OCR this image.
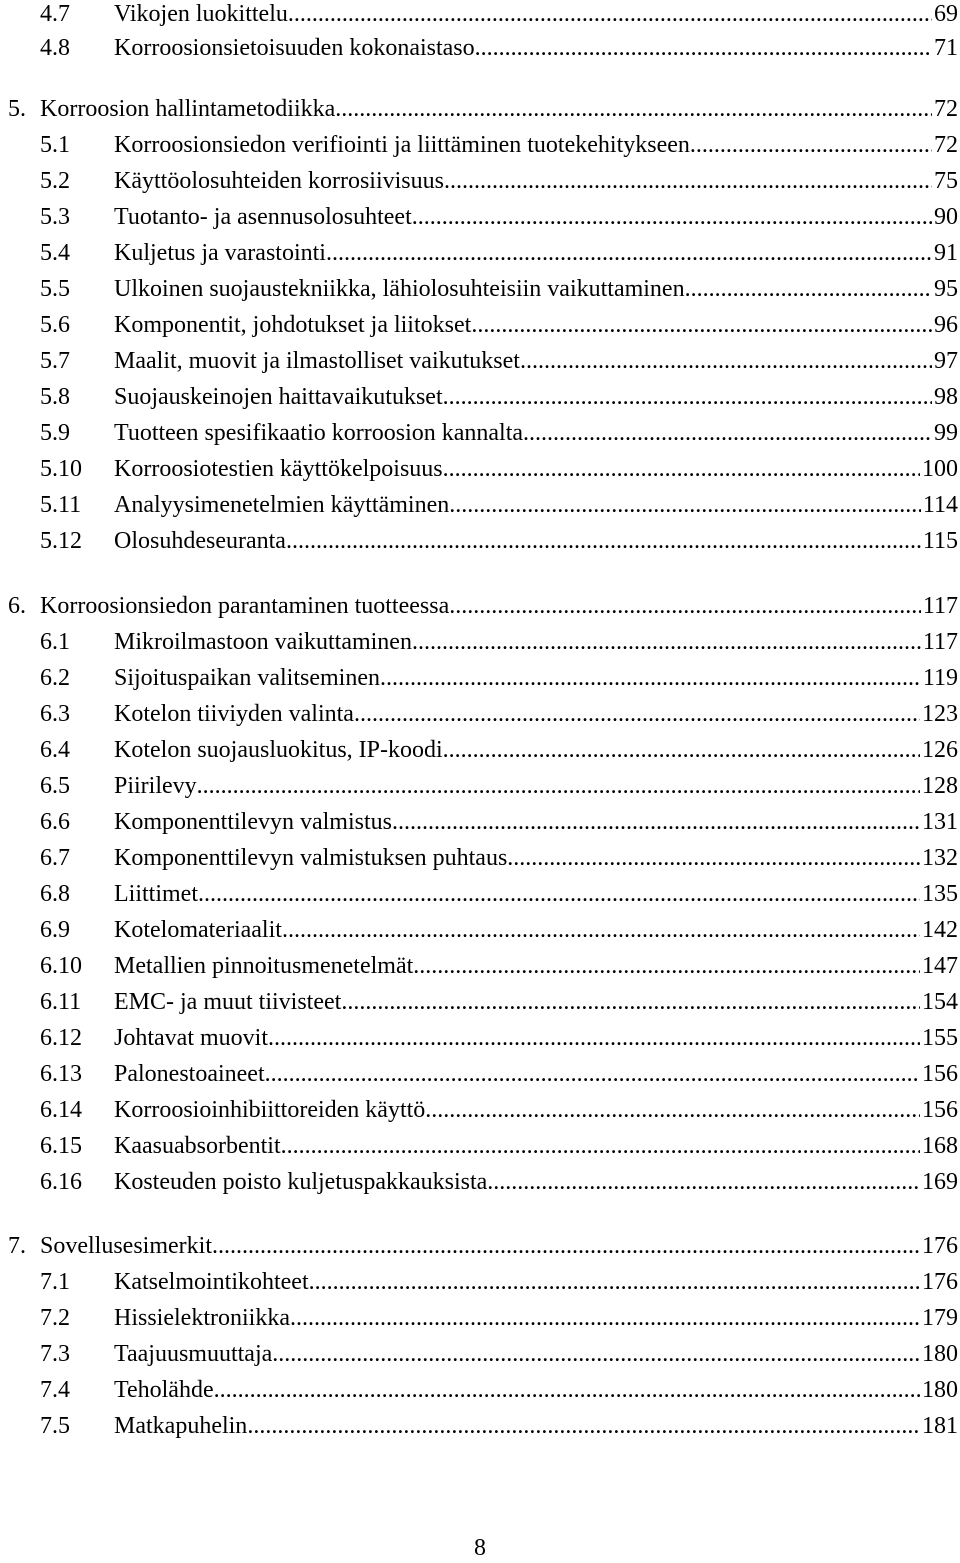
4.7 Vikojen luokittelu .....	69
4.8 Korroosionsietoisuuden kokonaistaso .....	71
5. Korroosion hallintametodiikka .....	72
5.1 Korroosionsiedon verifiointi ja liittäminen tuotekehitykseen .....	72
5.2 Käyttöolosuhteiden korrosiivisuus .....	75
5.3 Tuotanto- ja asennusolosuhteet .....	90
5.4 Kuljetus ja varastointi .....	91
5.5 Ulkoinen suojaustekniikka, lähiolosuhteisiin vaikuttaminen .....	95
5.6 Komponentit, johdotukset ja liitokset .....	96
5.7 Maalit, muovit ja ilmastolliset vaikutukset .....	97
5.8 Suojauskeinojen haittavaikutukset .....	98
5.9 Tuotteen spesifikaatio korroosion kannalta .....	99
5.10 Korroosiotestien käyttökelpoisuus .....	100
5.11 Analyysimenetelmien käyttäminen .....	114
5.12 Olosuhdeseuranta .....	115
6. Korroosionsiedon parantaminen tuotteessa .....	117
6.1 Mikroilmastoon vaikuttaminen .....	117
6.2 Sijoituspaikan valitseminen .....	119
6.3 Kotelon tiiviyden valinta .....	123
6.4 Kotelon suojausluokitus, IP-koodi .....	126
6.5 Piirilevy .....	128
6.6 Komponenttilevyn valmistus .....	131
6.7 Komponenttilevyn valmistuksen puhtaus .....	132
6.8 Liittimet .....	135
6.9 Kotelomateriaalit .....	142
6.10 Metallien pinnoitusmenetelmät .....	147
6.11 EMC- ja muut tiivisteet .....	154
6.12 Johtavat muovit .....	155
6.13 Palonestoaineet .....	156
6.14 Korroosioinhibiittoreiden käyttö .....	156
6.15 Kaasuabsorbentit .....	168
6.16 Kosteuden poisto kuljetuspakkauksista .....	169
7. Sovellusesimerkit .....	176
7.1 Katselmointikohteet .....	176
7.2 Hissielektroniikka .....	179
7.3 Taajuusmuuttaja .....	180
7.4 Teholähde .....	180
7.5 Matkapuhelin .....	181
8
